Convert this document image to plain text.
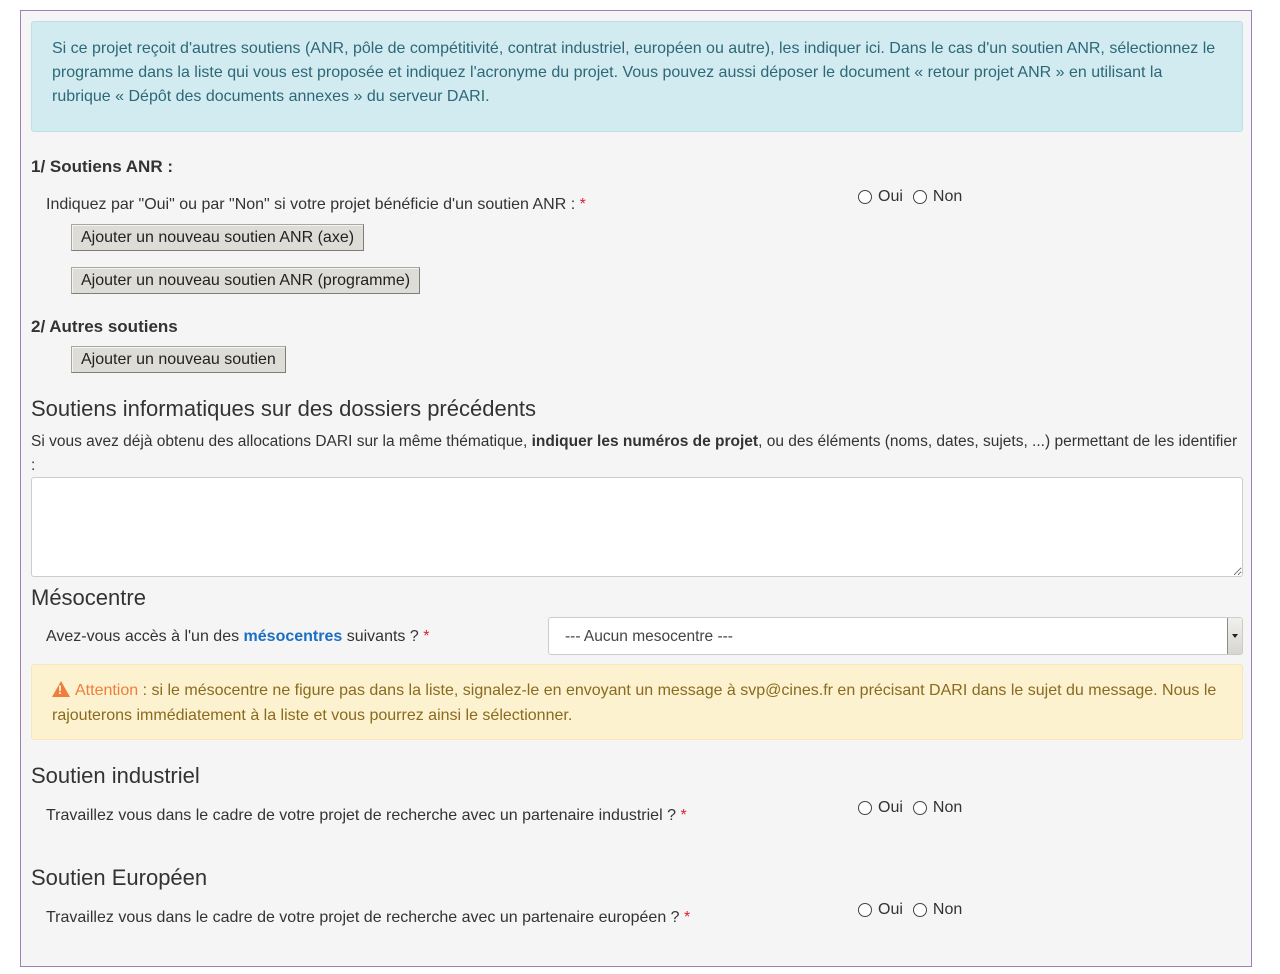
Si ce projet reçoit d'autres soutiens (ANR, pôle de compétitivité, contrat industriel, européen ou autre), les indiquer ici. Dans le cas d'un soutien ANR, sélectionnez le programme dans la liste qui vous est proposée et indiquez l'acronyme du projet. Vous pouvez aussi déposer le document « retour projet ANR » en utilisant la rubrique « Dépôt des documents annexes » du serveur DARI.
1/ Soutiens ANR :
Indiquez par "Oui" ou par "Non" si votre projet bénéficie d'un soutien ANR : *	Oui Non
Ajouter un nouveau soutien ANR (axe)
Ajouter un nouveau soutien ANR (programme)
2/ Autres soutiens
Ajouter un nouveau soutien
Soutiens informatiques sur des dossiers précédents
Si vous avez déjà obtenu des allocations DARI sur la même thématique, indiquer les numéros de projet, ou des éléments (noms, dates, sujets, ...) permettant de les identifier :
Mésocentre
Avez-vous accès à l'un des mésocentres suivants ? *	--- Aucun mesocentre ---
!Attention : si le mésocentre ne figure pas dans la liste, signalez-le en envoyant un message à svp@cines.fr en précisant DARI dans le sujet du message. Nous le rajouterons immédiatement à la liste et vous pourrez ainsi le sélectionner.
Soutien industriel
Travaillez vous dans le cadre de votre projet de recherche avec un partenaire industriel ? *	Oui Non
Soutien Européen
Travaillez vous dans le cadre de votre projet de recherche avec un partenaire européen ? *	Oui Non
